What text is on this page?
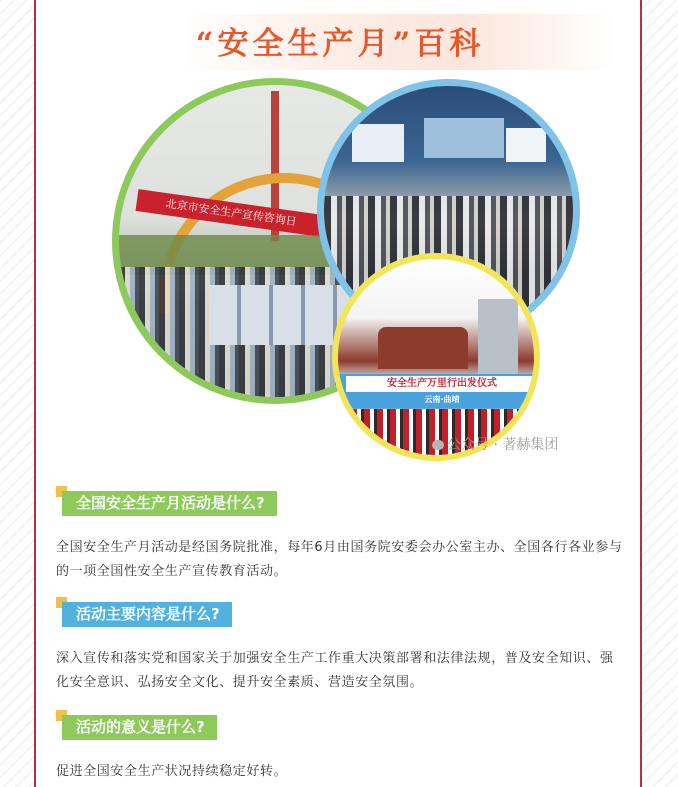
“安全生产月”百科
北京市安全生产宣传咨询日
安全生产万里行出发仪式
云南·曲靖
公众号 · 著赫集团
全国安全生产月活动是什么?
全国安全生产月活动是经国务院批准，每年6月由国务院安委会办公室主办、全国各行各业参与的一项全国性安全生产宣传教育活动。
活动主要内容是什么?
深入宣传和落实党和国家关于加强安全生产工作重大决策部署和法律法规，普及安全知识、强化安全意识、弘扬安全文化、提升安全素质、营造安全氛围。
活动的意义是什么?
促进全国安全生产状况持续稳定好转。
